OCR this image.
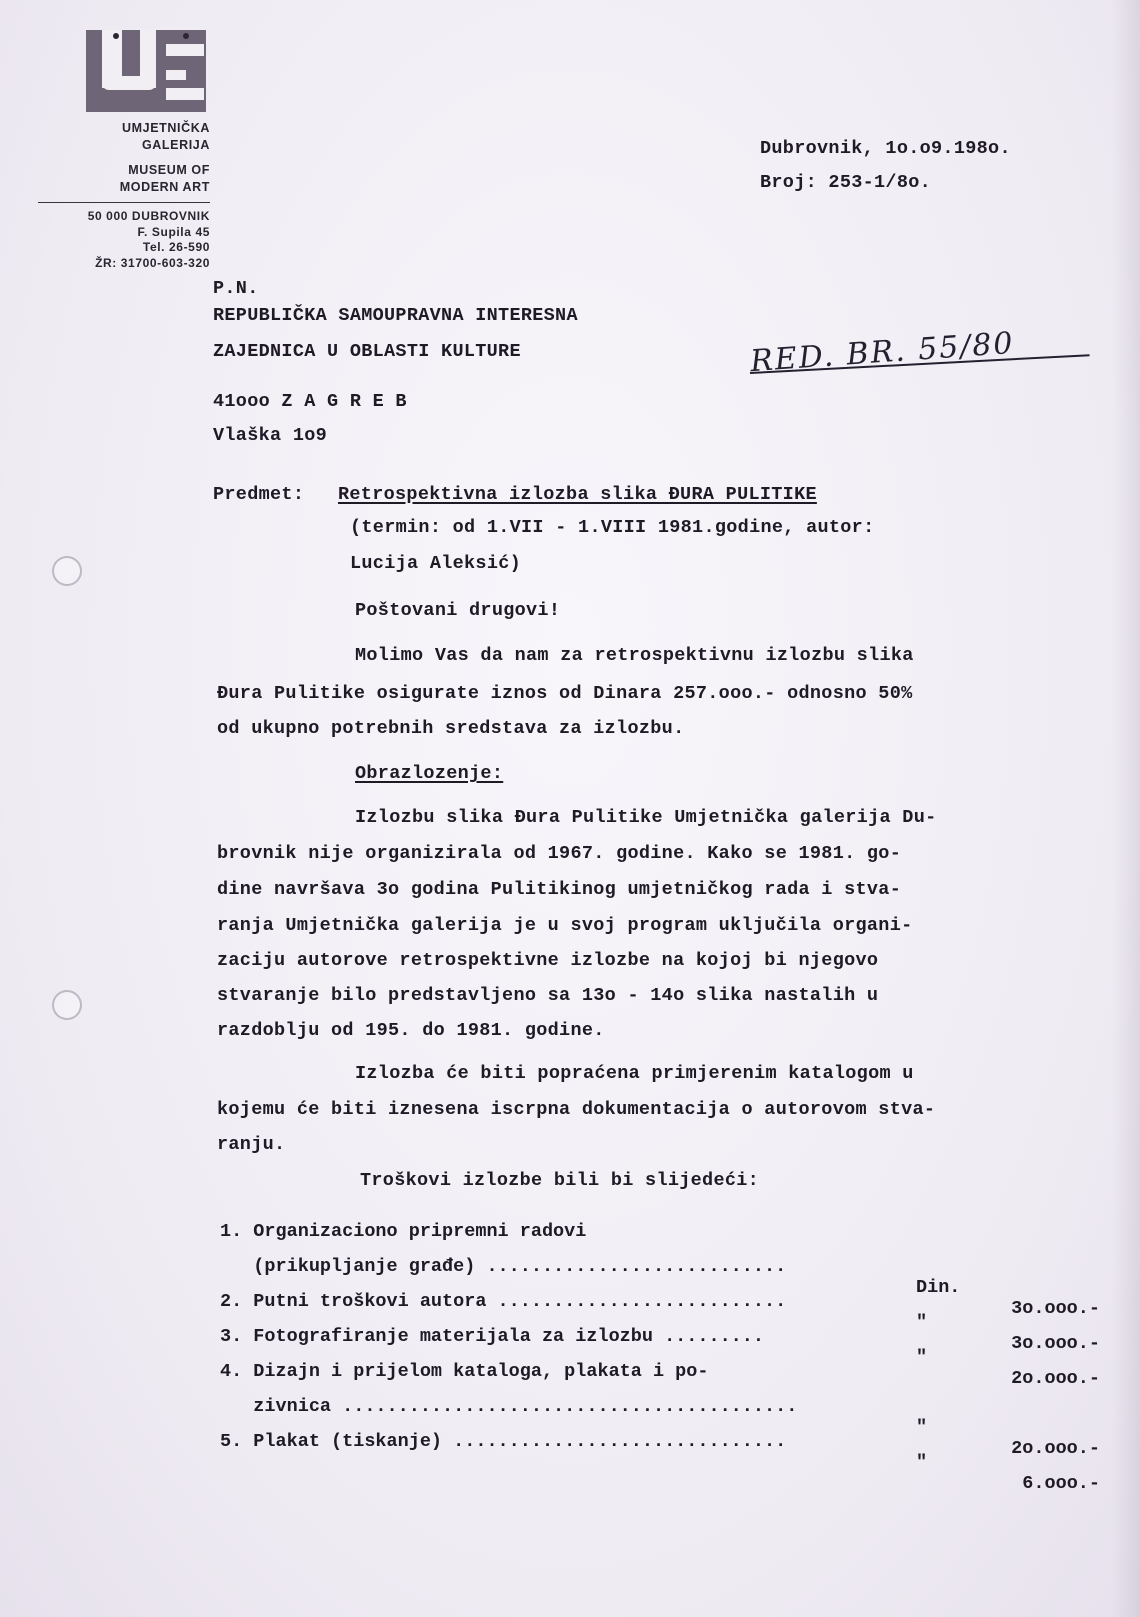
UMJETNIČKA
GALERIJA
MUSEUM OF
MODERN ART
50 000 DUBROVNIK
F. Supila 45
Tel. 26-590
ŽR: 31700-603-320
Dubrovnik, 1o.o9.198o.
Broj: 253-1/8o.
P.N.
REPUBLIČKA SAMOUPRAVNA INTERESNA
ZAJEDNICA U OBLASTI KULTURE
41ooo Z A G R E B
Vlaška 1o9
RED. BR. 55/80
Predmet: Retrospektivna izlozba slika ĐURA PULITIKE
(termin: od 1.VII - 1.VIII 1981.godine, autor:
Lucija Aleksić)
Poštovani drugovi!
Molimo Vas da nam za retrospektivnu izlozbu slika
Đura Pulitike osigurate iznos od Dinara 257.ooo.- odnosno 50%
od ukupno potrebnih sredstava za izlozbu.
Obrazlozenje:
Izlozbu slika Đura Pulitike Umjetnička galerija Du-
brovnik nije organizirala od 1967. godine. Kako se 1981. go-
dine navršava 3o godina Pulitikinog umjetničkog rada i stva-
ranja Umjetnička galerija je u svoj program uključila organi-
zaciju autorove retrospektivne izlozbe na kojoj bi njegovo
stvaranje bilo predstavljeno sa 13o - 14o slika nastalih u
razdoblju od 195. do 1981. godine.
Izlozba će biti popraćena primjerenim katalogom u
kojemu će biti iznesena iscrpna dokumentacija o autorovom stva-
ranju.
Troškovi izlozbe bili bi slijedeći:

1. Organizaciono pripremni radovi

(prikupljanje građe) ...........................

Din.

3o.ooo.-

2. Putni troškovi autora ..........................

"

3o.ooo.-

3. Fotografiranje materijala za izlozbu .........

"

2o.ooo.-

4. Dizajn i prijelom kataloga, plakata i po-

zivnica .........................................

"

2o.ooo.-

5. Plakat (tiskanje) ..............................

"

6.ooo.-
